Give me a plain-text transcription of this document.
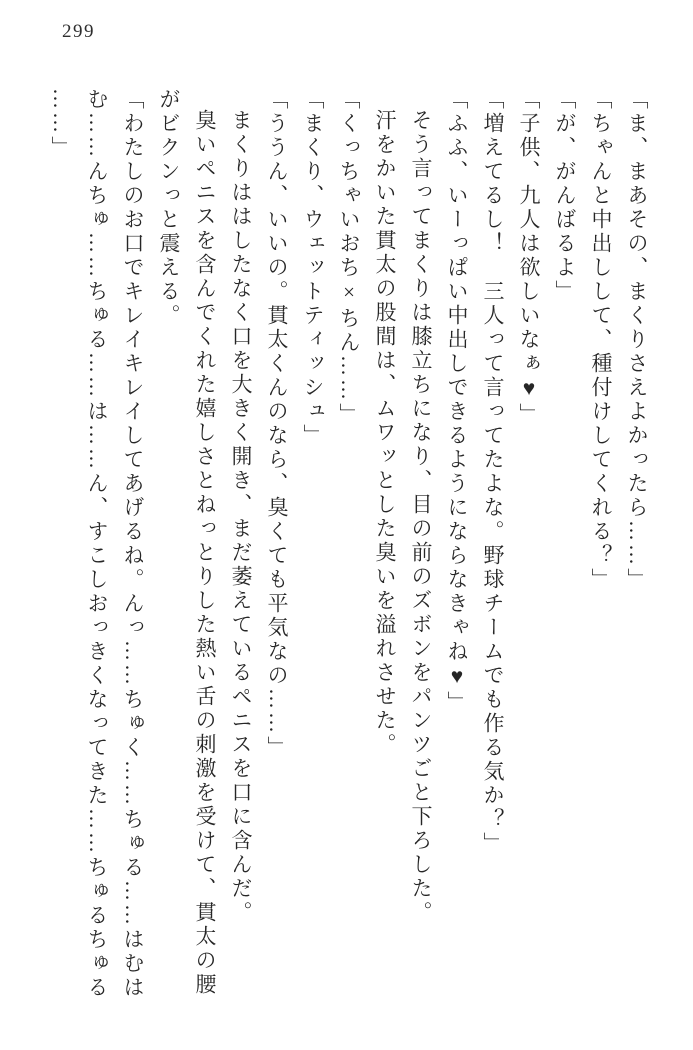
299

「ま、まあその、まくりさえよかったら……」

「ちゃんと中出しして、種付けしてくれる？」

「が、がんばるよ」

「子供、九人は欲しいなぁ♥」

「増えてるし！　三人って言ってたよな。野球チームでも作る気か？」

「ふふ、いーっぱい中出しできるようにならなきゃね♥」

そう言ってまくりは膝立ちになり、目の前のズボンをパンツごと下ろした。

汗をかいた貫太の股間は、ムワッとした臭いを溢れさせた。

「くっちゃいおち×ちん……」

「まくり、ウェットティッシュ」

「ううん、いいの。貫太くんのなら、臭くても平気なの……」

まくりははしたなく口を大きく開き、まだ萎えているペニスを口に含んだ。

臭いペニスを含んでくれた嬉しさとねっとりした熱い舌の刺激を受けて、貫太の腰がビクンっと震える。

「わたしのお口でキレイキレイしてあげるね。んっ……ちゅく……ちゅる……はむはむ……んちゅ……ちゅる……は……ん、すこしおっきくなってきた……ちゅるちゅる……」
